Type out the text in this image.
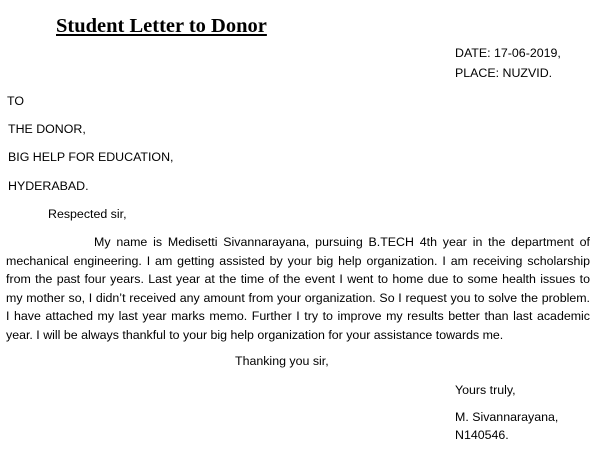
Student Letter to Donor
DATE: 17-06-2019,
PLACE: NUZVID.
TO
THE DONOR,
BIG HELP FOR EDUCATION,
HYDERABAD.
Respected sir,

My name is Medisetti Sivannarayana, pursuing B.TECH 4th year in the department of mechanical engineering. I am getting assisted by your big help organization. I am receiving scholarship from the past four years. Last year at the time of the event I went to home due to some health issues to my mother so, I didn’t received any amount from your organization. So I request you to solve the problem. I have attached my last year marks memo. Further I try to improve my results better than last academic year. I will be always thankful to your big help organization for your assistance towards me.

Thanking you sir,
Yours truly,
M. Sivannarayana,
N140546.
